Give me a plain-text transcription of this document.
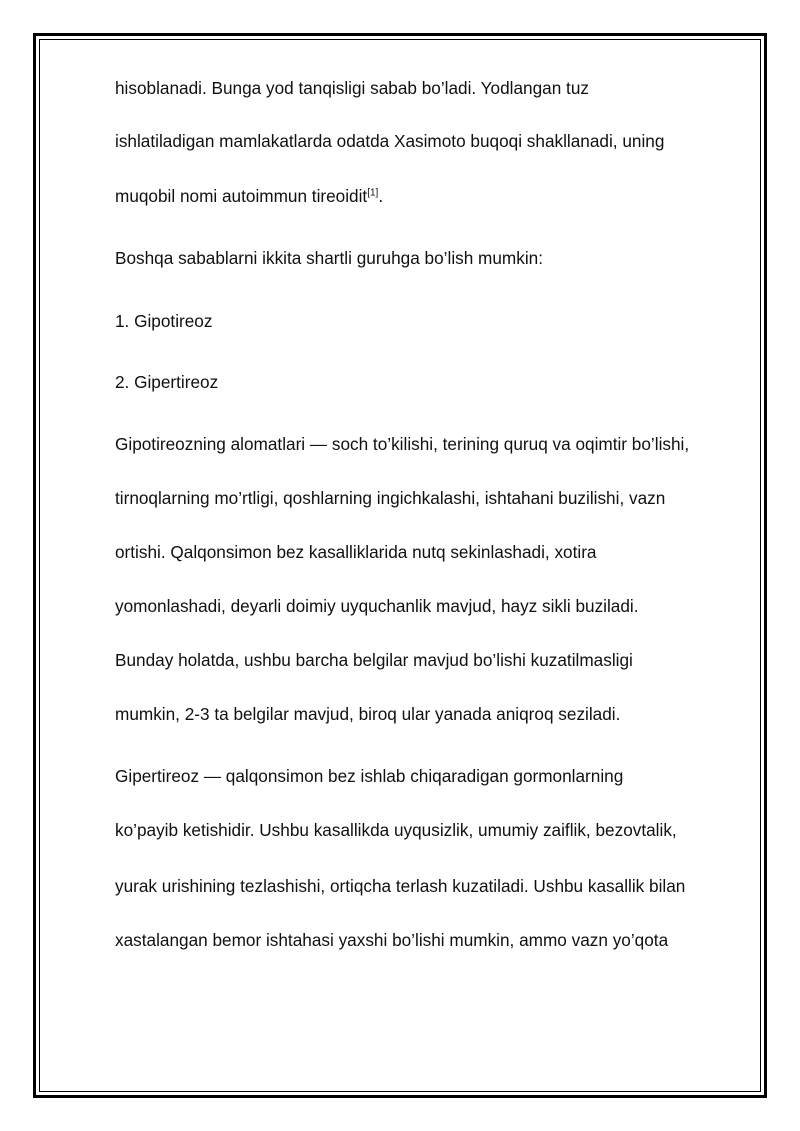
hisoblanadi. Bunga yod tanqisligi sabab bo’ladi. Yodlangan tuz
ishlatiladigan mamlakatlarda odatda Xasimoto buqoqi shakllanadi, uning
muqobil nomi autoimmun tireoidit[1].
Boshqa sabablarni ikkita shartli guruhga bo’lish mumkin:
1. Gipotireoz
2. Gipertireoz
Gipotireozning alomatlari — soch to’kilishi, terining quruq va oqimtir bo’lishi,
tirnoqlarning mo’rtligi, qoshlarning ingichkalashi, ishtahani buzilishi, vazn
ortishi. Qalqonsimon bez kasalliklarida nutq sekinlashadi, xotira
yomonlashadi, deyarli doimiy uyquchanlik mavjud, hayz sikli buziladi.
Bunday holatda, ushbu barcha belgilar mavjud bo’lishi kuzatilmasligi
mumkin, 2-3 ta belgilar mavjud, biroq ular yanada aniqroq seziladi.
Gipertireoz — qalqonsimon bez ishlab chiqaradigan gormonlarning
ko’payib ketishidir. Ushbu kasallikda uyqusizlik, umumiy zaiflik, bezovtalik,
yurak urishining tezlashishi, ortiqcha terlash kuzatiladi. Ushbu kasallik bilan
xastalangan bemor ishtahasi yaxshi bo’lishi mumkin, ammo vazn yo’qota
